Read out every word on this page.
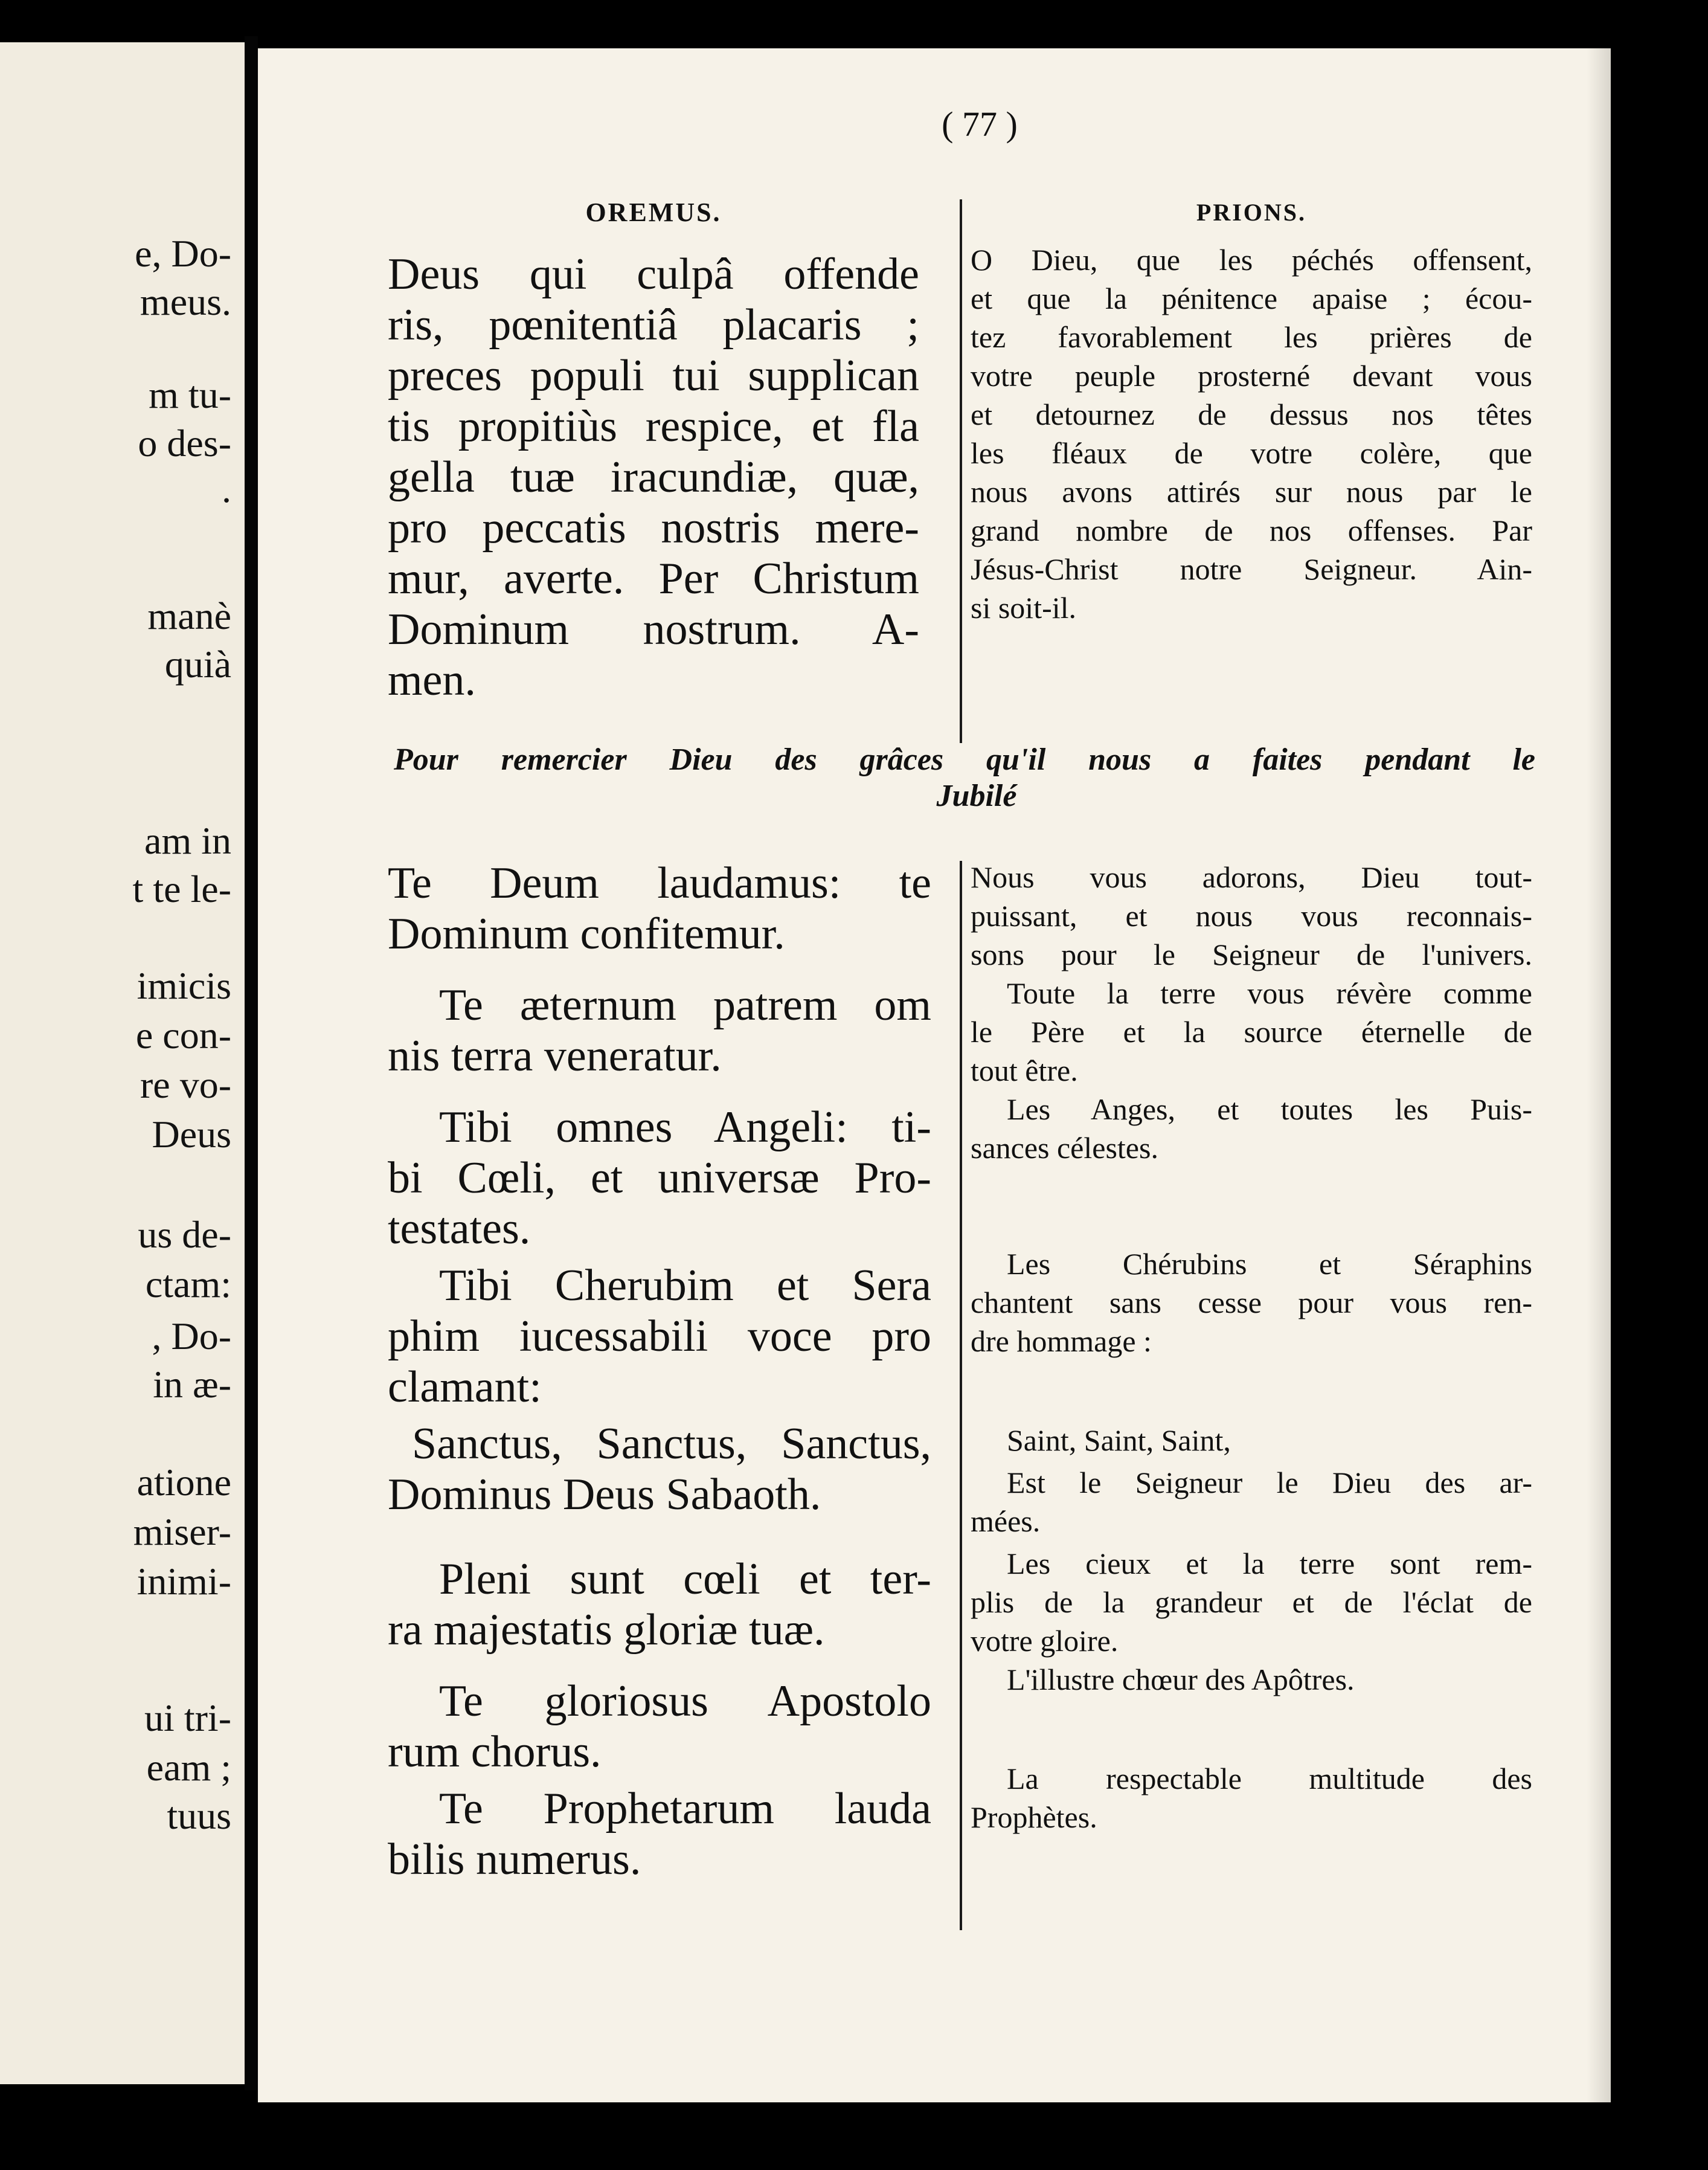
e, Do-
meus.
m tu-
o des-
.
manè
quià
am in
t te le-
imicis
e con-
re vo-
Deus
us de-
ctam:
, Do-
in æ-
atione
miser-
inimi-
ui tri-
eam ;
tuus
( 77 )
OREMUS.
Deus qui culpâ offende
ris, pœnitentiâ placaris ;
preces populi tui supplican
tis propitiùs respice, et fla
gella tuæ iracundiæ, quæ,
pro peccatis nostris mere-
mur, averte. Per Christum
Dominum nostrum. A-
men.
PRIONS.
O Dieu, que les péchés offensent,
et que la pénitence apaise ; écou-
tez favorablement les prières de
votre peuple prosterné devant vous
et detournez de dessus nos têtes
les fléaux de votre colère, que
nous avons attirés sur nous par le
grand nombre de nos offenses. Par
Jésus-Christ notre Seigneur. Ain-
si soit-il.
Pour remercier Dieu des grâces qu'il nous a faites pendant le
Jubilé
Te Deum laudamus: te
Dominum confitemur.
Te æternum patrem om
nis terra veneratur.
Tibi omnes Angeli: ti-
bi Cœli, et universæ Pro-
testates.
Tibi Cherubim et Sera
phim iucessabili voce pro
clamant:
Sanctus, Sanctus, Sanctus,
Dominus Deus Sabaoth.
Pleni sunt cœli et ter-
ra majestatis gloriæ tuæ.
Te gloriosus Apostolo
rum chorus.
Te Prophetarum lauda
bilis numerus.
Nous vous adorons, Dieu tout-
puissant, et nous vous reconnais-
sons pour le Seigneur de l'univers.
Toute la terre vous révère comme
le Père et la source éternelle de
tout être.
Les Anges, et toutes les Puis-
sances célestes.
Les Chérubins et Séraphins
chantent sans cesse pour vous ren-
dre hommage :
Saint, Saint, Saint,
Est le Seigneur le Dieu des ar-
mées.
Les cieux et la terre sont rem-
plis de la grandeur et de l'éclat de
votre gloire.
L'illustre chœur des Apôtres.
La respectable multitude des
Prophètes.
